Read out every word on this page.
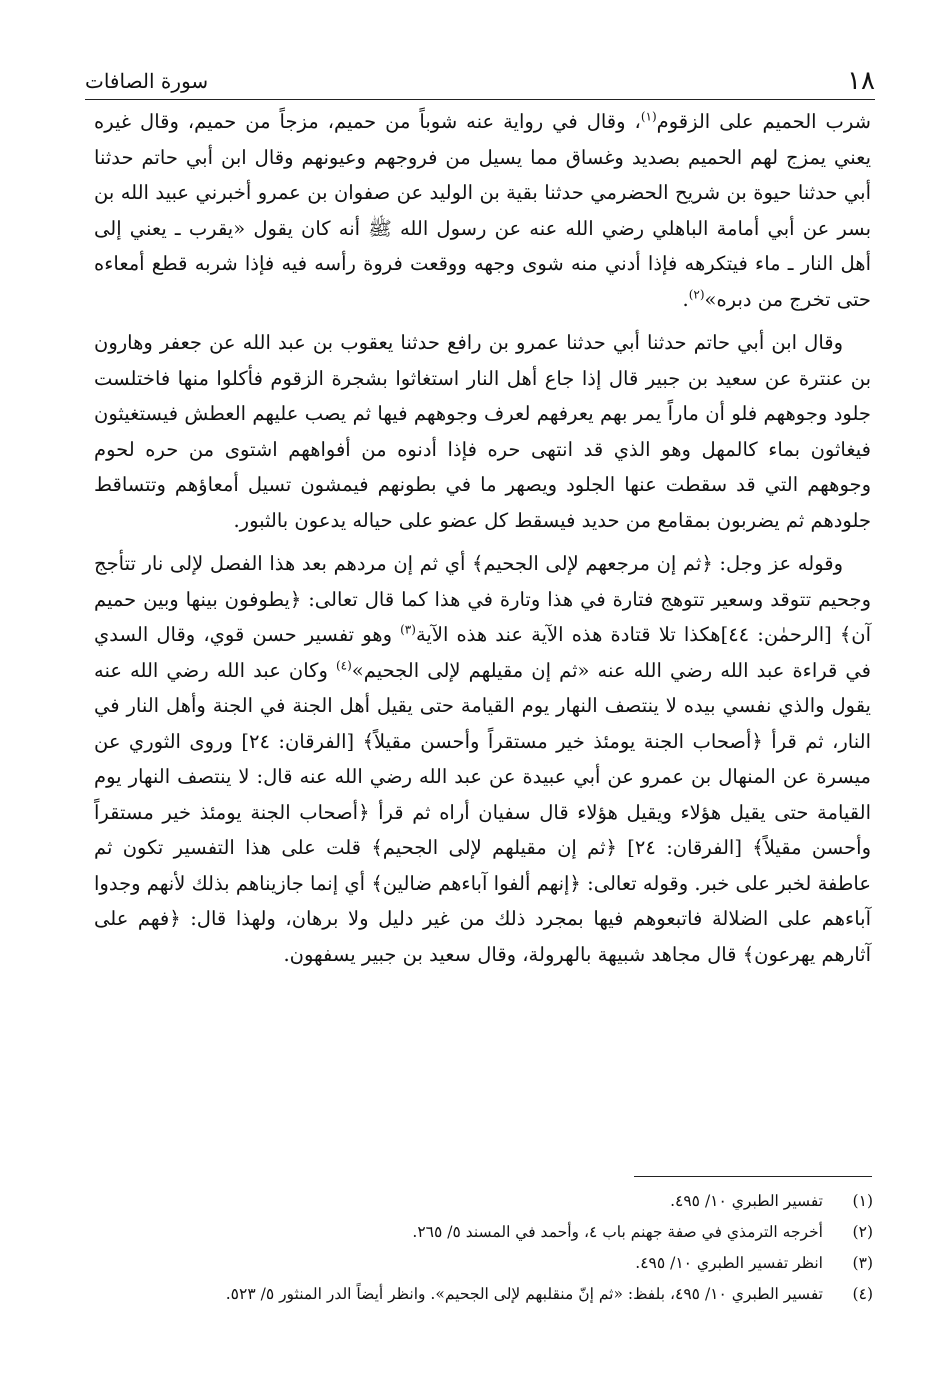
١٨
سورة الصافات

شرب الحميم على الزقوم$^{(١)}$، وقال في رواية عنه شوباً من حميم، مزجاً من حميم، وقال غيره يعني يمزج لهم الحميم بصديد وغساق مما يسيل من فروجهم وعيونهم وقال ابن أبي حاتم حدثنا أبي حدثنا حيوة بن شريح الحضرمي حدثنا بقية بن الوليد عن صفوان بن عمرو أخبرني عبيد الله بن بسر عن أبي أمامة الباهلي رضي الله عنه عن رسول الله ﷺ أنه كان يقول «يقرب ـ يعني إلى أهل النار ـ ماء فيتكرهه فإذا أدني منه شوى وجهه ووقعت فروة رأسه فيه فإذا شربه قطع أمعاءه حتى تخرج من دبره»$^{(٢)}$.

وقال ابن أبي حاتم حدثنا أبي حدثنا عمرو بن رافع حدثنا يعقوب بن عبد الله عن جعفر وهارون بن عنترة عن سعيد بن جبير قال إذا جاع أهل النار استغاثوا بشجرة الزقوم فأكلوا منها فاختلست جلود وجوههم فلو أن ماراً يمر بهم يعرفهم لعرف وجوههم فيها ثم يصب عليهم العطش فيستغيثون فيغاثون بماء كالمهل وهو الذي قد انتهى حره فإذا أدنوه من أفواههم اشتوى من حره لحوم وجوههم التي قد سقطت عنها الجلود ويصهر ما في بطونهم فيمشون تسيل أمعاؤهم وتتساقط جلودهم ثم يضربون بمقامع من حديد فيسقط كل عضو على حياله يدعون بالثبور.

وقوله عز وجل: ﴿ثم إن مرجعهم لإلى الجحيم﴾ أي ثم إن مردهم بعد هذا الفصل لإلى نار تتأجج وجحيم تتوقد وسعير تتوهج فتارة في هذا وتارة في هذا كما قال تعالى: ﴿يطوفون بينها وبين حميم آن﴾ [الرحمٰن: ٤٤]هكذا تلا قتادة هذه الآية عند هذه الآية$^{(٣)}$ وهو تفسير حسن قوي، وقال السدي في قراءة عبد الله رضي الله عنه «ثم إن مقيلهم لإلى الجحيم»$^{(٤)}$ وكان عبد الله رضي الله عنه يقول والذي نفسي بيده لا ينتصف النهار يوم القيامة حتى يقيل أهل الجنة في الجنة وأهل النار في النار، ثم قرأ ﴿أصحاب الجنة يومئذ خير مستقراً وأحسن مقيلاً﴾ [الفرقان: ٢٤] وروى الثوري عن ميسرة عن المنهال بن عمرو عن أبي عبيدة عن عبد الله رضي الله عنه قال: لا ينتصف النهار يوم القيامة حتى يقيل هؤلاء ويقيل هؤلاء قال سفيان أراه ثم قرأ ﴿أصحاب الجنة يومئذ خير مستقراً وأحسن مقيلاً﴾ [الفرقان: ٢٤] ﴿ثم إن مقيلهم لإلى الجحيم﴾ قلت على هذا التفسير تكون ثم عاطفة لخبر على خبر. وقوله تعالى: ﴿إنهم ألفوا آباءهم ضالين﴾ أي إنما جازيناهم بذلك لأنهم وجدوا آباءهم على الضلالة فاتبعوهم فيها بمجرد ذلك من غير دليل ولا برهان، ولهذا قال: ﴿فهم على آثارهم يهرعون﴾ قال مجاهد شبيهة بالهرولة، وقال سعيد بن جبير يسفهون.

(١)
تفسير الطبري ١٠/ ٤٩٥.
(٢)
أخرجه الترمذي في صفة جهنم باب ٤، وأحمد في المسند ٥/ ٢٦٥.
(٣)
انظر تفسير الطبري ١٠/ ٤٩٥.
(٤)
تفسير الطبري ١٠/ ٤٩٥، بلفظ: «ثم إنّ منقلبهم لإلى الجحيم». وانظر أيضاً الدر المنثور ٥/ ٥٢٣.
